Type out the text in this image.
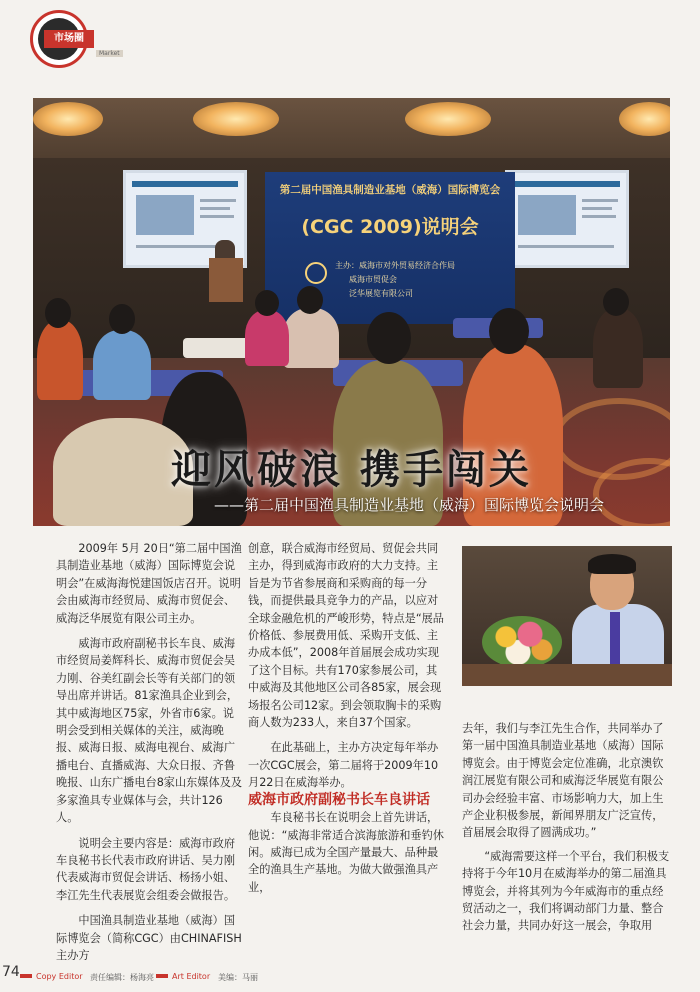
市场圈
Market
第二届中国渔具制造业基地（威海）国际博览会
(CGC 2009)说明会
主办：威海市对外贸易经济合作局
威海市贸促会
泛华展览有限公司
迎风破浪 携手闯关
——第二届中国渔具制造业基地（威海）国际博览会说明会

2009年 5月 20日“第二届中国渔具制造业基地（威海）国际博览会说明会”在威海海悦建国饭店召开。说明会由威海市经贸局、威海市贸促会、威海泛华展览有限公司主办。

威海市政府副秘书长车良、威海市经贸局姜辉科长、威海市贸促会吴力刚、谷美红副会长等有关部门的领导出席并讲话。81家渔具企业到会，其中威海地区75家，外省市6家。说明会受到相关媒体的关注，威海晚报、威海日报、威海电视台、威海广播电台、直播威海、大众日报、齐鲁晚报、山东广播电台8家山东媒体及及多家渔具专业媒体与会，共计126人。

说明会主要内容是：威海市政府车良秘书长代表市政府讲话、吴力刚代表威海市贸促会讲话、杨扬小姐、李江先生代表展览会组委会做报告。

中国渔具制造业基地（威海）国际博览会（简称CGC）由CHINAFISH主办方

创意，联合威海市经贸局、贸促会共同主办，得到威海市政府的大力支持。主旨是为节省参展商和采购商的每一分钱，而提供最具竞争力的产品，以应对全球金融危机的严峻形势，特点是“展品价格低、参展费用低、采购开支低、主办成本低”，2008年首届展会成功实现了这个目标。共有170家参展公司，其中威海及其他地区公司各85家，展会现场报名公司12家。到会领取胸卡的采购商人数为233人，来自37个国家。

在此基础上，主办方决定每年举办一次CGC展会，第二届将于2009年10月22日在威海举办。

威海市政府副秘书长车良讲话

车良秘书长在说明会上首先讲话，他说：“威海非常适合滨海旅游和垂钓休闲。威海已成为全国产量最大、品种最全的渔具生产基地。为做大做强渔具产业，

去年，我们与李江先生合作，共同举办了第一届中国渔具制造业基地（威海）国际博览会。由于博览会定位准确，北京澳钦润江展览有限公司和威海泛华展览有限公司办会经验丰富、市场影响力大，加上生产企业积极参展，新闻界朋友广泛宣传，首届展会取得了圆满成功。”

“威海需要这样一个平台，我们积极支持将于今年10月在威海举办的第二届渔具博览会，并将其列为今年威海市的重点经贸活动之一，我们将调动部门力量、整合社会力量，共同办好这一展会，争取用

74 Copy Editor 责任编辑：杨海亮 Art Editor 美编：马丽
